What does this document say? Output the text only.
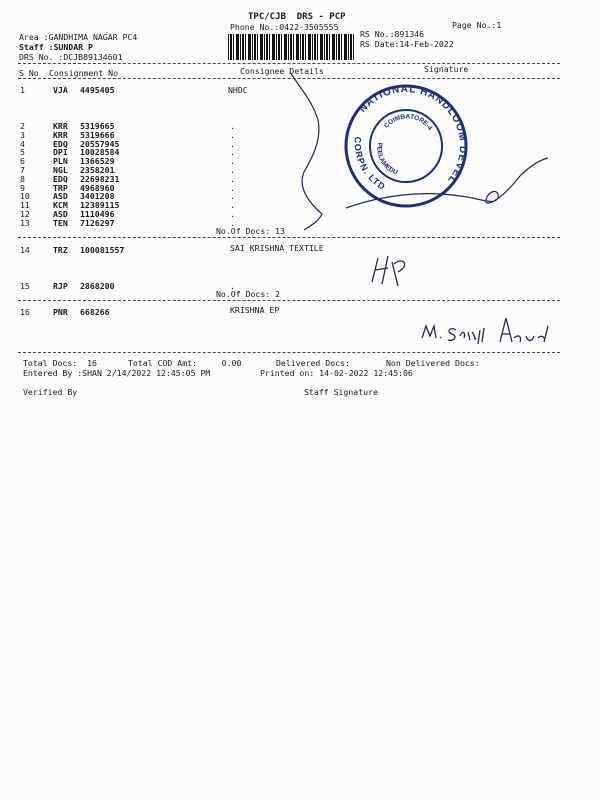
TPC/CJB  DRS - PCP
Phone No.:0422-3505555	Page No.:1
Area :GANDHIMA NAGAR PC4
Staff :SUNDAR P
DRS No. :DCJB89134601
RS No.:891346
RS Date:14-Feb-2022
S No Consignment No	Consignee Details	Signature
1	VJA 4495405	NHDC
2	KRR 5319665	.
3	KRR 5319666	.
4	EDQ 20557945	.
5	DPI 10028584	.
6	PLN 1366529	.
7	NGL 2358201	.
8	EDQ 22698231	.
9	TRP 4968960	.
10	ASD 3401208	.
11	KCM 12389115	.
12	ASD 1110496	.
13	TEN 7126297	.
No.Of Docs: 13
14	TRZ 100081557	SAI KRISHNA TEXTILE
15	RJP 2868200	.
No.Of Docs: 2
16	PNR 668266	KRISHNA EP
Total Docs:  16	Total COD Amt:     0.00	Delivered Docs:	Non Delivered Docs:
Entered By :SHAN 2/14/2022 12:45:05 PM	Printed on: 14-02-2022 12:45:06
Verified By	Staff Signature
NATIONAL HANDLOOM DEVELOPMENT
CORPN. LTD
COIMBATORE-4
PEELAMEDU
